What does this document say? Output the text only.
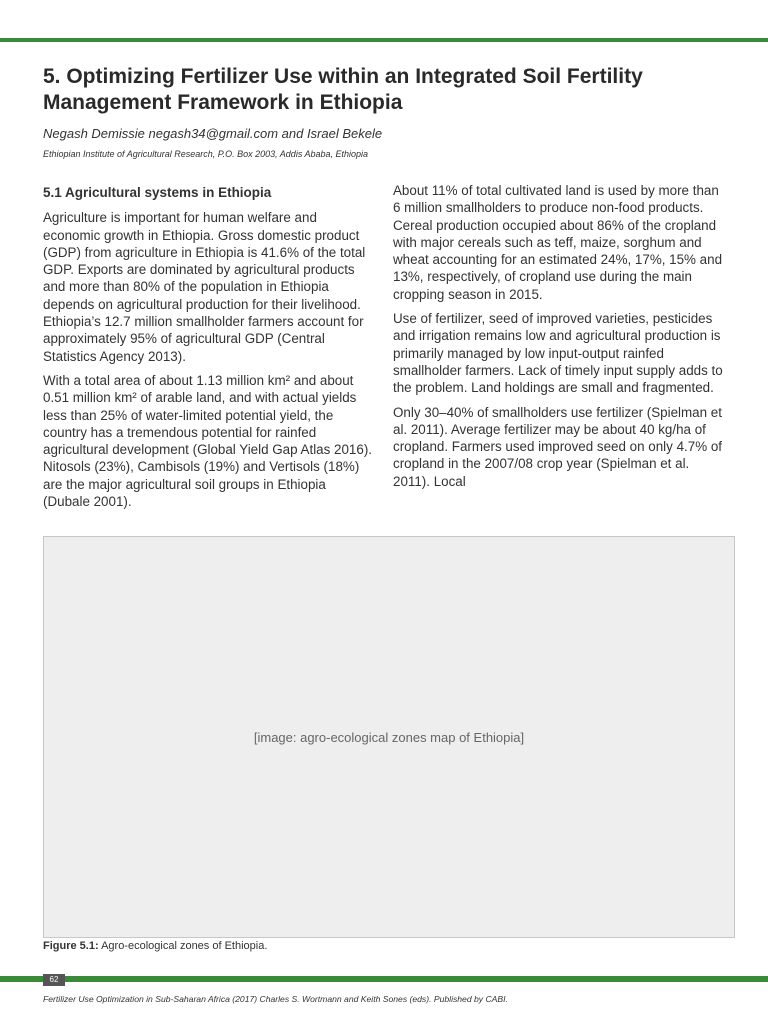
5. Optimizing Fertilizer Use within an Integrated Soil Fertility Management Framework in Ethiopia
Negash Demissie negash34@gmail.com and Israel Bekele
Ethiopian Institute of Agricultural Research, P.O. Box 2003, Addis Ababa, Ethiopia
5.1 Agricultural systems in Ethiopia

Agriculture is important for human welfare and economic growth in Ethiopia. Gross domestic product (GDP) from agriculture in Ethiopia is 41.6% of the total GDP. Exports are dominated by agricultural products and more than 80% of the population in Ethiopia depends on agricultural production for their livelihood. Ethiopia’s 12.7 million smallholder farmers account for approximately 95% of agricultural GDP (Central Statistics Agency 2013).

With a total area of about 1.13 million km² and about 0.51 million km² of arable land, and with actual yields less than 25% of water-limited potential yield, the country has a tremendous potential for rainfed agricultural development (Global Yield Gap Atlas 2016). Nitosols (23%), Cambisols (19%) and Vertisols (18%) are the major agricultural soil groups in Ethiopia (Dubale 2001).

About 11% of total cultivated land is used by more than 6 million smallholders to produce non-food products. Cereal production occupied about 86% of the cropland with major cereals such as teff, maize, sorghum and wheat accounting for an estimated 24%, 17%, 15% and 13%, respectively, of cropland use during the main cropping season in 2015.

Use of fertilizer, seed of improved varieties, pesticides and irrigation remains low and agricultural production is primarily managed by low input-output rainfed smallholder farmers. Lack of timely input supply adds to the problem. Land holdings are small and fragmented.

Only 30–40% of smallholders use fertilizer (Spielman et al. 2011). Average fertilizer may be about 40 kg/ha of cropland. Farmers used improved seed on only 4.7% of cropland in the 2007/08 crop year (Spielman et al. 2011). Local

[image: agro-ecological zones map of Ethiopia]
Figure 5.1: Agro-ecological zones of Ethiopia.
62
Fertilizer Use Optimization in Sub-Saharan Africa (2017) Charles S. Wortmann and Keith Sones (eds). Published by CABI.
